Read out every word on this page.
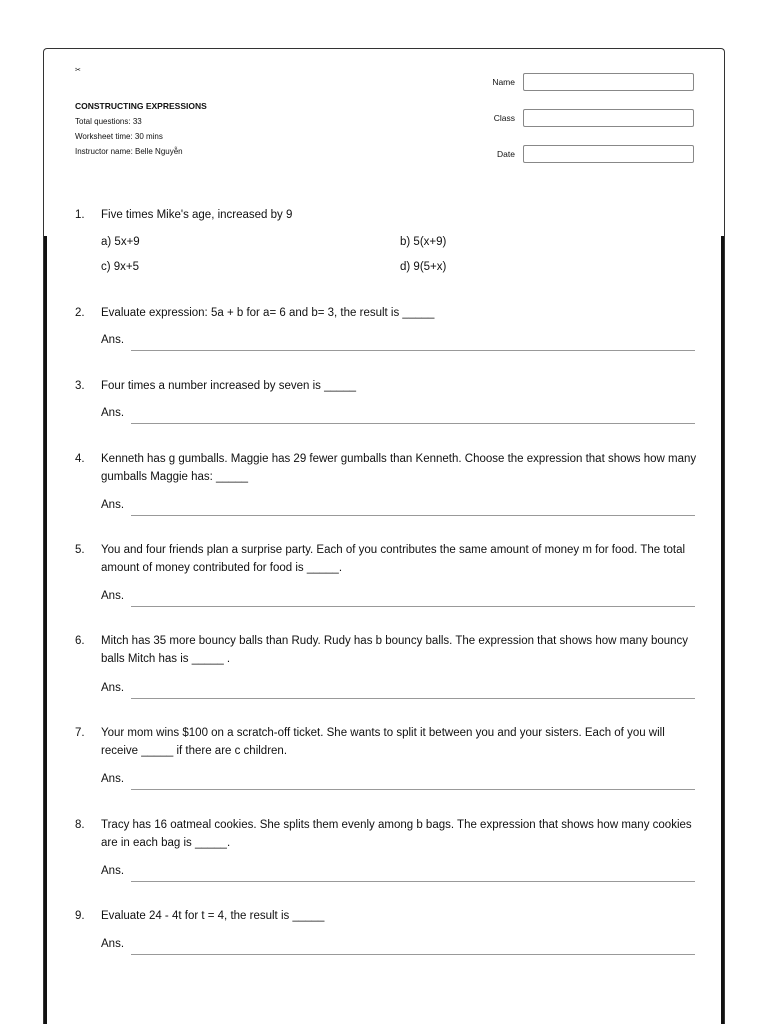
✂
CONSTRUCTING EXPRESSIONS
Total questions: 33
Worksheet time: 30 mins
Instructor name: Belle Nguyễn
Name
Class
Date
1.	Five times Mike's age, increased by 9
a) 5x+9	b) 5(x+9)
c) 9x+5	d) 9(5+x)
2.	Evaluate expression: 5a + b for a= 6 and b= 3, the result is _____
Ans.
3.	Four times a number increased by seven is _____
Ans.
4.	Kenneth has g gumballs. Maggie has 29 fewer gumballs than Kenneth. Choose the expression that shows how many gumballs Maggie has: _____
Ans.
5.	You and four friends plan a surprise party. Each of you contributes the same amount of money m for food. The total amount of money contributed for food is _____.
Ans.
6.	Mitch has 35 more bouncy balls than Rudy. Rudy has b bouncy balls. The expression that shows how many bouncy balls Mitch has is _____ .
Ans.
7.	Your mom wins $100 on a scratch-off ticket. She wants to split it between you and your sisters. Each of you will receive _____ if there are c children.
Ans.
8.	Tracy has 16 oatmeal cookies. She splits them evenly among b bags. The expression that shows how many cookies are in each bag is _____.
Ans.
9.	Evaluate 24 - 4t for t = 4, the result is _____
Ans.
